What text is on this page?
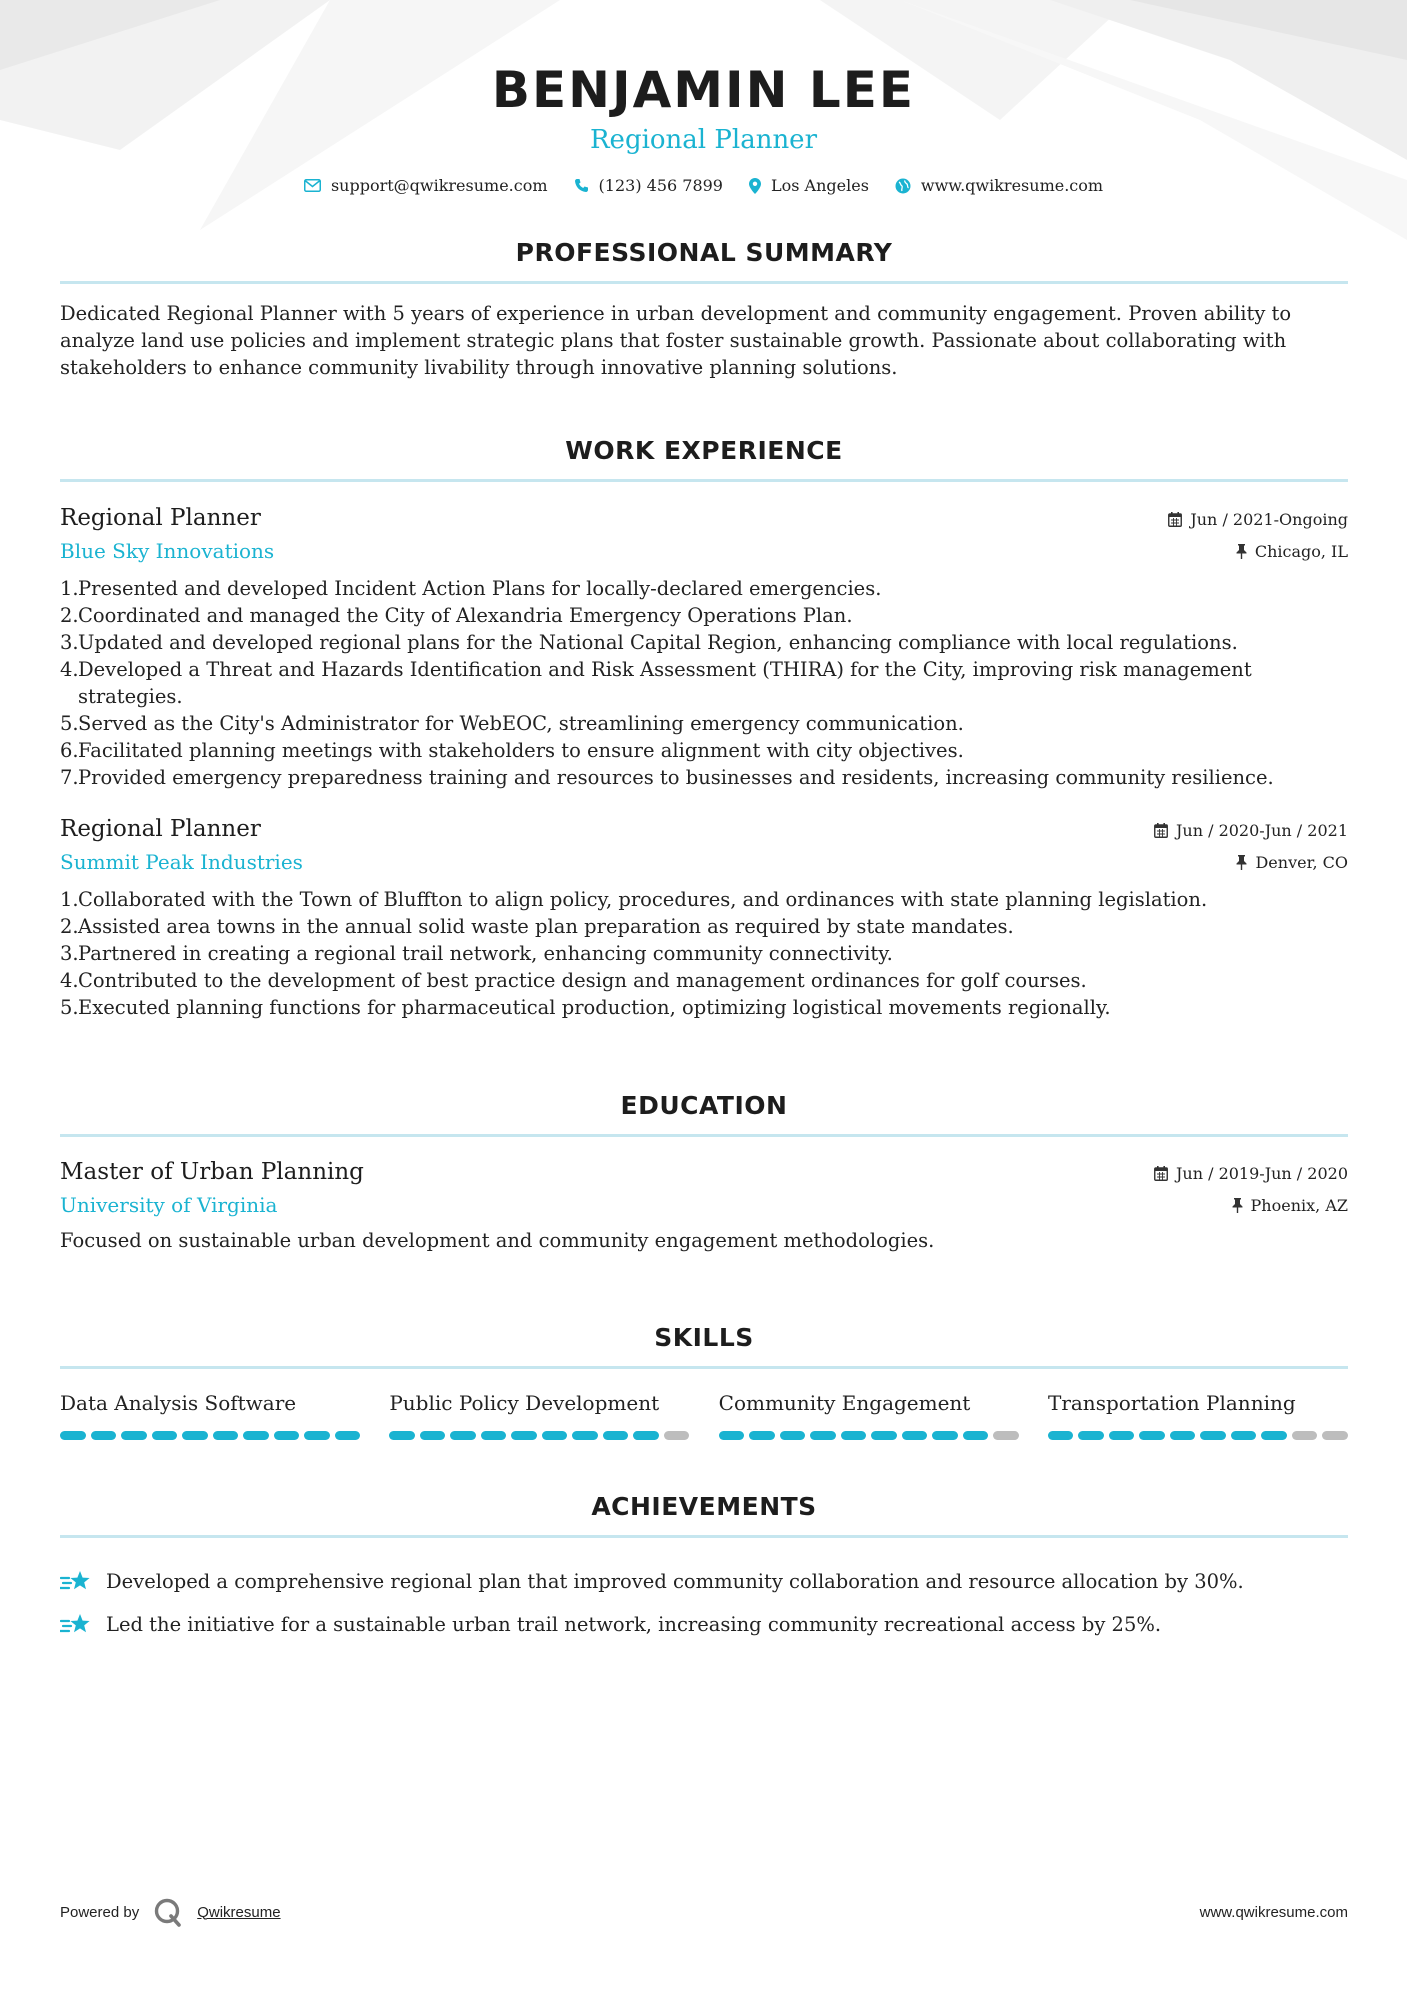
BENJAMIN LEE
Regional Planner
support@qwikresume.com	(123) 456 7899	Los Angeles	www.qwikresume.com
PROFESSIONAL SUMMARY
Dedicated Regional Planner with 5 years of experience in urban development and community engagement. Proven ability to analyze land use policies and implement strategic plans that foster sustainable growth. Passionate about collaborating with stakeholders to enhance community livability through innovative planning solutions.
WORK EXPERIENCE
Regional Planner
Blue Sky Innovations
Jun / 2021-Ongoing
Chicago, IL
1. Presented and developed Incident Action Plans for locally-declared emergencies.
2. Coordinated and managed the City of Alexandria Emergency Operations Plan.
3. Updated and developed regional plans for the National Capital Region, enhancing compliance with local regulations.
4. Developed a Threat and Hazards Identification and Risk Assessment (THIRA) for the City, improving risk management strategies.
5. Served as the City's Administrator for WebEOC, streamlining emergency communication.
6. Facilitated planning meetings with stakeholders to ensure alignment with city objectives.
7. Provided emergency preparedness training and resources to businesses and residents, increasing community resilience.
Regional Planner
Summit Peak Industries
Jun / 2020-Jun / 2021
Denver, CO
1. Collaborated with the Town of Bluffton to align policy, procedures, and ordinances with state planning legislation.
2. Assisted area towns in the annual solid waste plan preparation as required by state mandates.
3. Partnered in creating a regional trail network, enhancing community connectivity.
4. Contributed to the development of best practice design and management ordinances for golf courses.
5. Executed planning functions for pharmaceutical production, optimizing logistical movements regionally.
EDUCATION
Master of Urban Planning
University of Virginia
Jun / 2019-Jun / 2020
Phoenix, AZ
Focused on sustainable urban development and community engagement methodologies.
SKILLS
Data Analysis Software	Public Policy Development	Community Engagement	Transportation Planning
ACHIEVEMENTS
Developed a comprehensive regional plan that improved community collaboration and resource allocation by 30%.
Led the initiative for a sustainable urban trail network, increasing community recreational access by 25%.
Powered by	Qwikresume	www.qwikresume.com
